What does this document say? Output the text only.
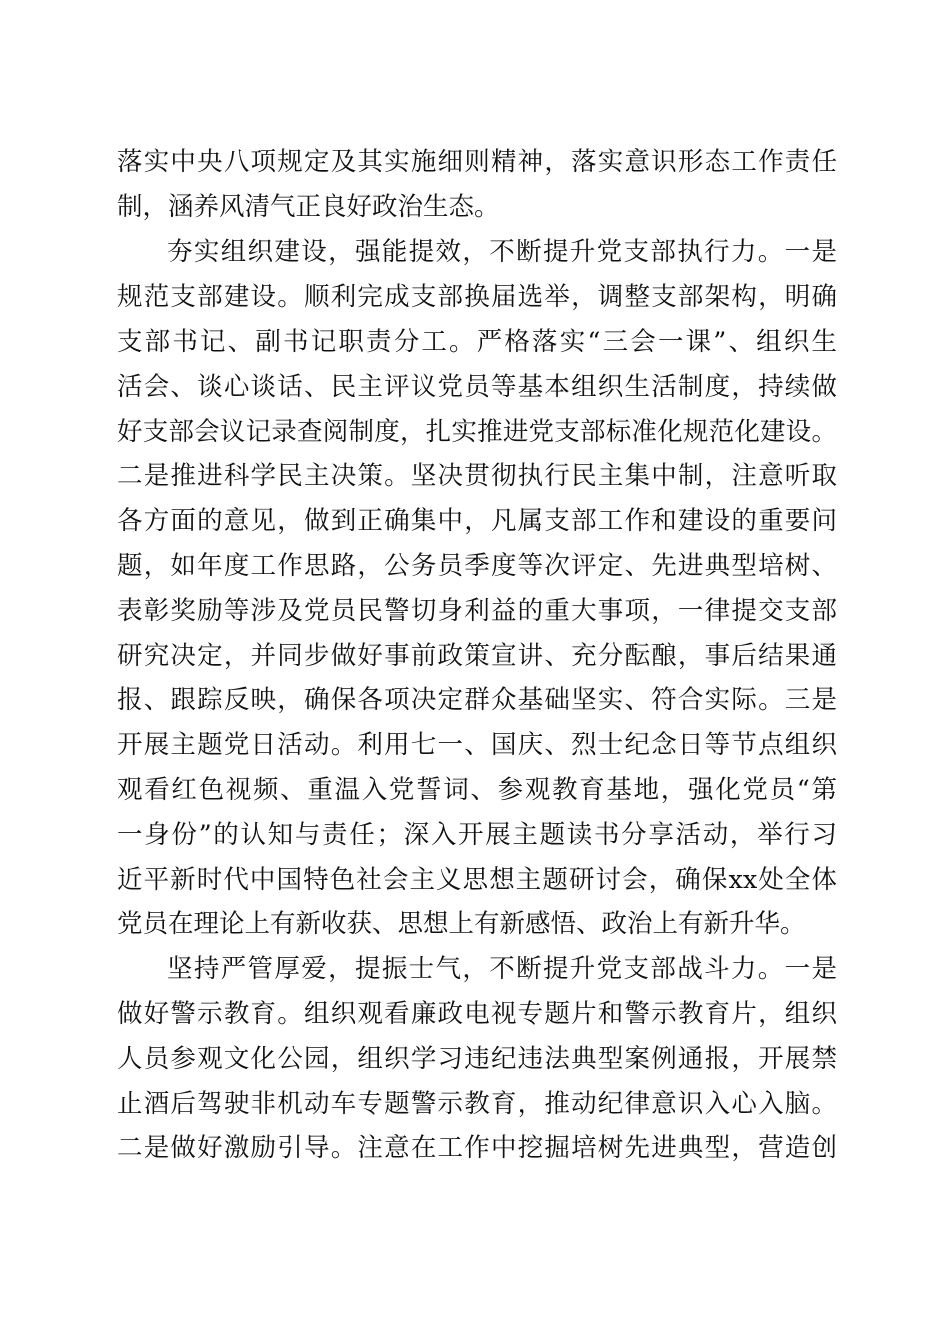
落实中央八项规定及其实施细则精神，落实意识形态工作责任

制，涵养风清气正良好政治生态。

夯实组织建设，强能提效，不断提升党支部执行力。一是

规范支部建设。顺利完成支部换届选举，调整支部架构，明确

支部书记、副书记职责分工。严格落实“三会一课”、组织生

活会、谈心谈话、民主评议党员等基本组织生活制度，持续做

好支部会议记录查阅制度，扎实推进党支部标准化规范化建设。

二是推进科学民主决策。坚决贯彻执行民主集中制，注意听取

各方面的意见，做到正确集中，凡属支部工作和建设的重要问

题，如年度工作思路，公务员季度等次评定、先进典型培树、

表彰奖励等涉及党员民警切身利益的重大事项，一律提交支部

研究决定，并同步做好事前政策宣讲、充分酝酿，事后结果通

报、跟踪反映，确保各项决定群众基础坚实、符合实际。三是

开展主题党日活动。利用七一、国庆、烈士纪念日等节点组织

观看红色视频、重温入党誓词、参观教育基地，强化党员“第

一身份”的认知与责任；深入开展主题读书分享活动，举行习

近平新时代中国特色社会主义思想主题研讨会，确保xx处全体

党员在理论上有新收获、思想上有新感悟、政治上有新升华。

坚持严管厚爱，提振士气，不断提升党支部战斗力。一是

做好警示教育。组织观看廉政电视专题片和警示教育片，组织

人员参观文化公园，组织学习违纪违法典型案例通报，开展禁

止酒后驾驶非机动车专题警示教育，推动纪律意识入心入脑。

二是做好激励引导。注意在工作中挖掘培树先进典型，营造创
